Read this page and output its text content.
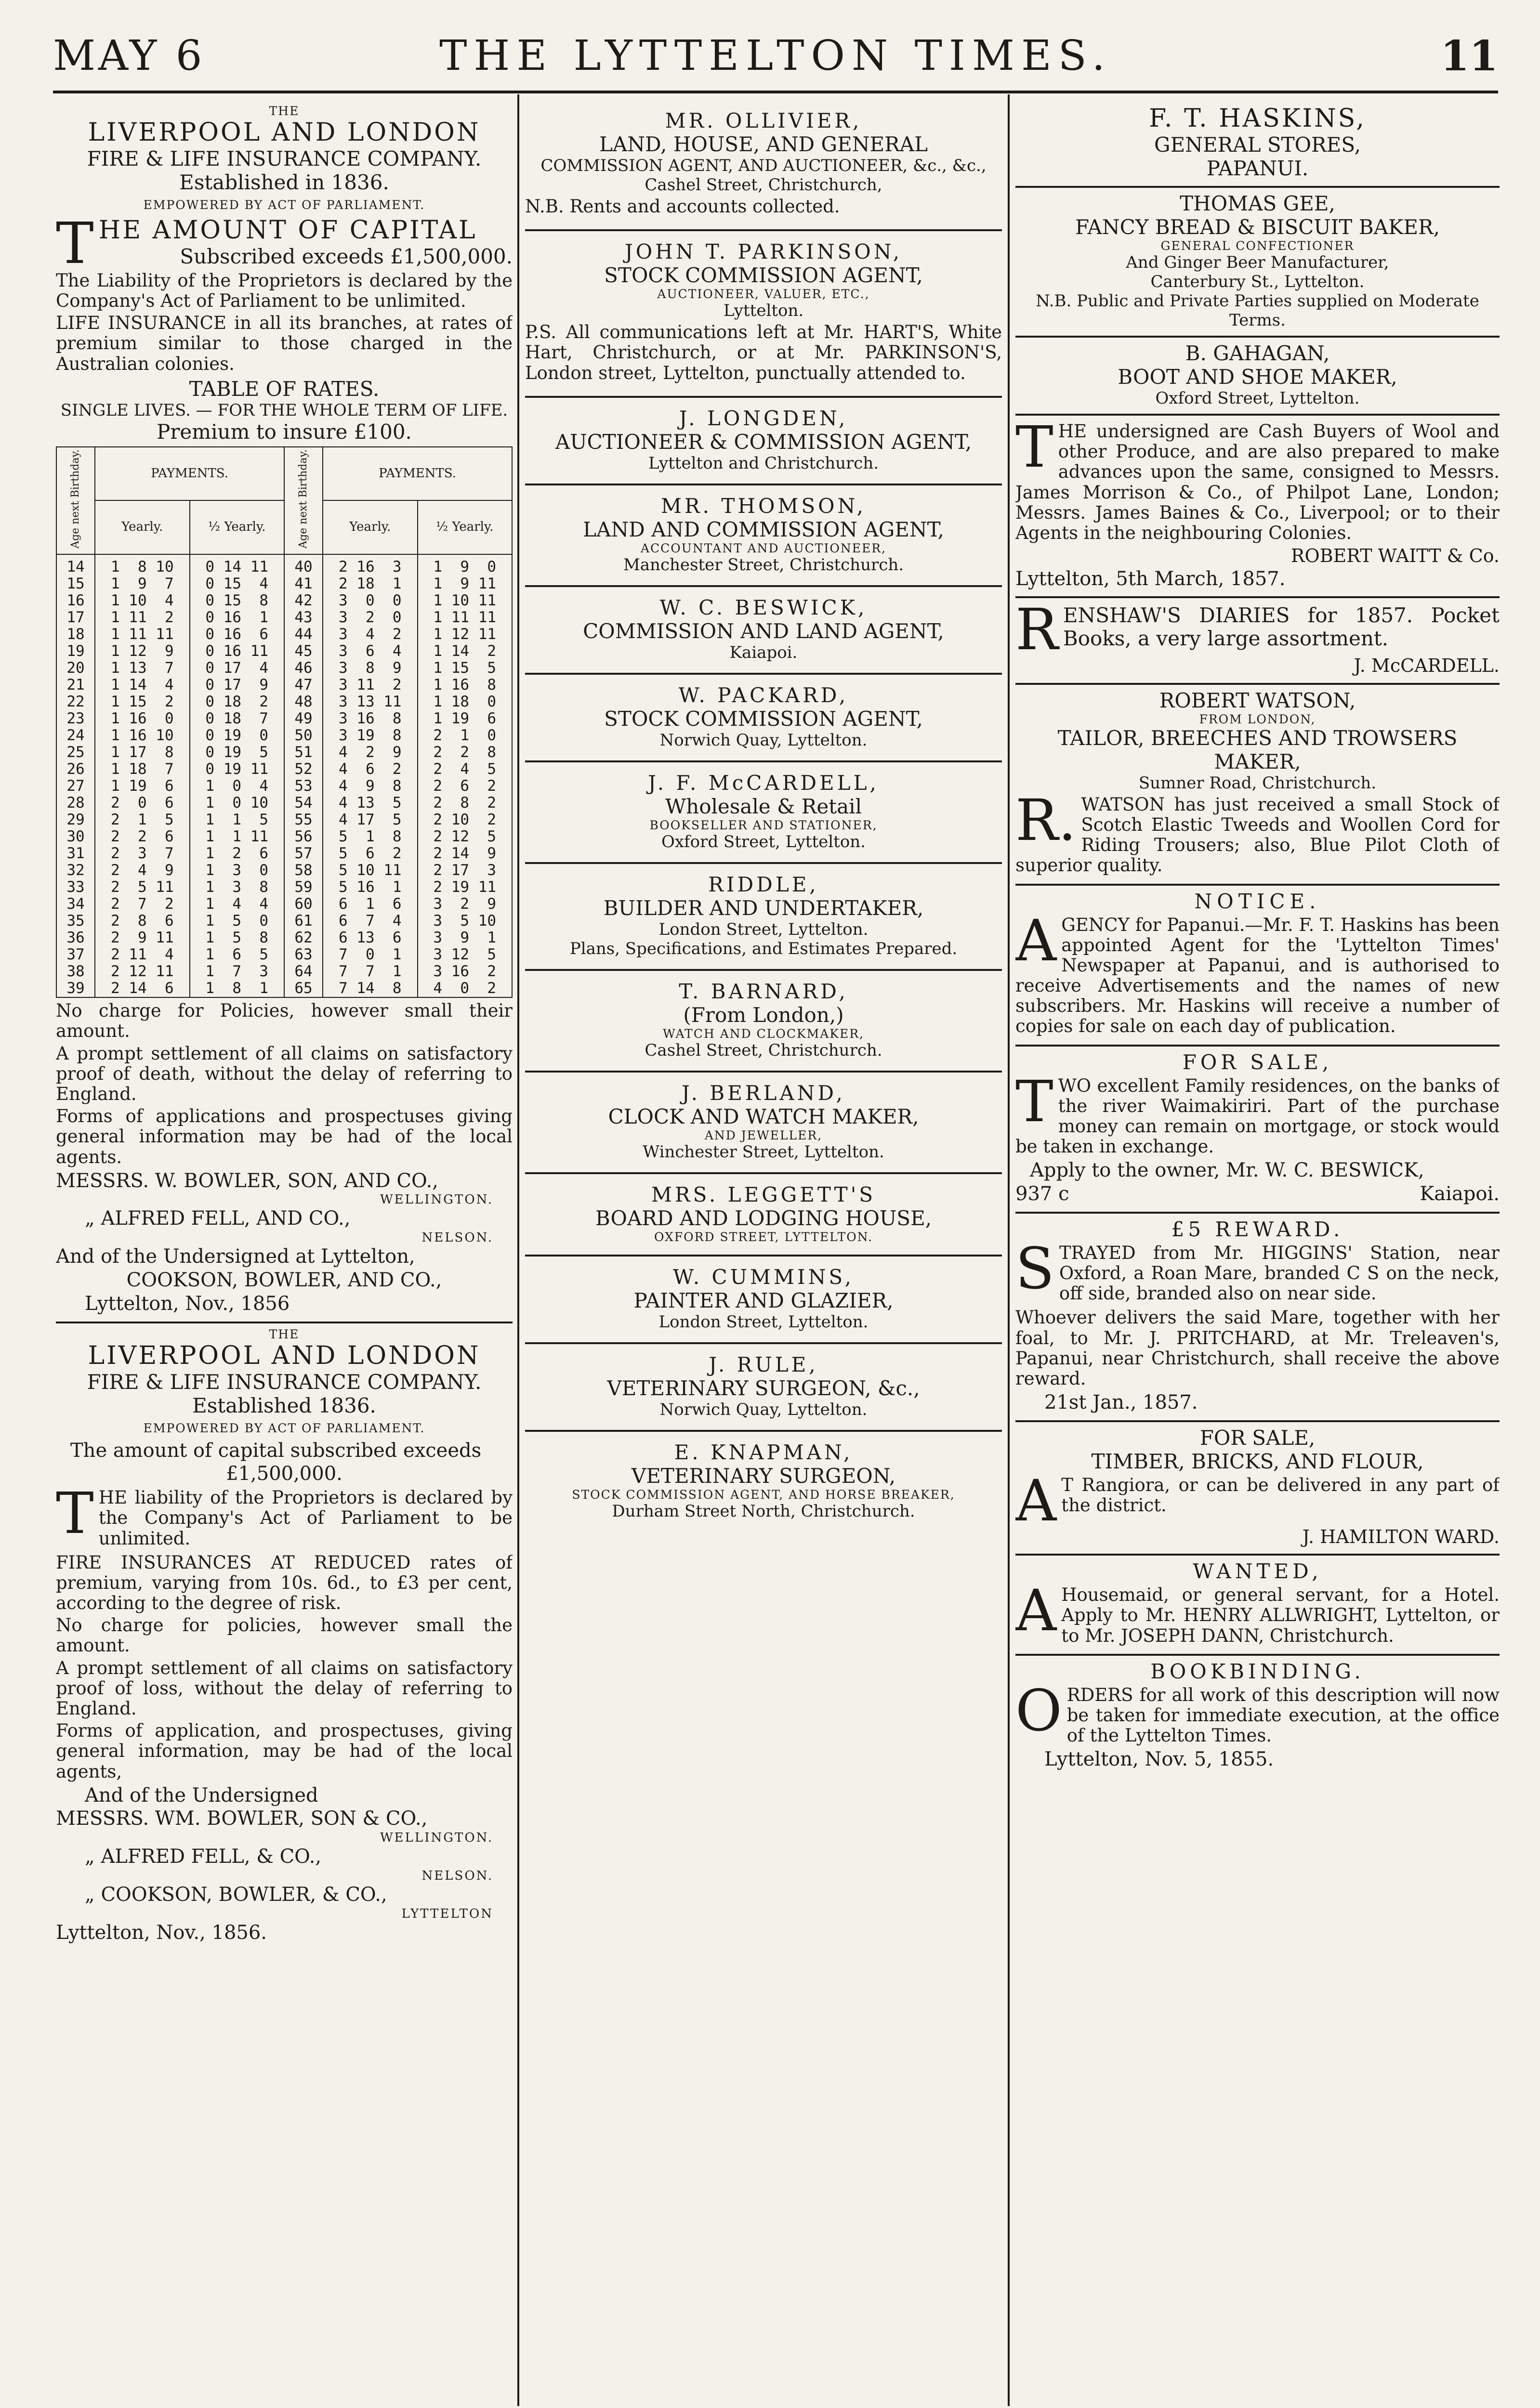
MAY 6	THE LYTTELTON TIMES.	11
THE
LIVERPOOL AND LONDON
FIRE & LIFE INSURANCE COMPANY.
Established in 1836.
EMPOWERED BY ACT OF PARLIAMENT.
T HE AMOUNT OF CAPITAL
Subscribed exceeds £1,500,000.

The Liability of the Proprietors is declared by the Company's Act of Parliament to be unlimited.

LIFE INSURANCE in all its branches, at rates of premium similar to those charged in the Australian colonies.

TABLE OF RATES.
SINGLE LIVES. — FOR THE WHOLE TERM OF LIFE.
Premium to insure £100.
Age next Birthday.	PAYMENTS.		Age next Birthday.	PAYMENTS.	
	Yearly.	½ Yearly.		Yearly.	½ Yearly.
14	1  8 10	0 14 11	40	2 16  3	1  9  0
15	1  9  7	0 15  4	41	2 18  1	1  9 11
16	1 10  4	0 15  8	42	3  0  0	1 10 11
17	1 11  2	0 16  1	43	3  2  0	1 11 11
18	1 11 11	0 16  6	44	3  4  2	1 12 11
19	1 12  9	0 16 11	45	3  6  4	1 14  2
20	1 13  7	0 17  4	46	3  8  9	1 15  5
21	1 14  4	0 17  9	47	3 11  2	1 16  8
22	1 15  2	0 18  2	48	3 13 11	1 18  0
23	1 16  0	0 18  7	49	3 16  8	1 19  6
24	1 16 10	0 19  0	50	3 19  8	2  1  0
25	1 17  8	0 19  5	51	4  2  9	2  2  8
26	1 18  7	0 19 11	52	4  6  2	2  4  5
27	1 19  6	1  0  4	53	4  9  8	2  6  2
28	2  0  6	1  0 10	54	4 13  5	2  8  2
29	2  1  5	1  1  5	55	4 17  5	2 10  2
30	2  2  6	1  1 11	56	5  1  8	2 12  5
31	2  3  7	1  2  6	57	5  6  2	2 14  9
32	2  4  9	1  3  0	58	5 10 11	2 17  3
33	2  5 11	1  3  8	59	5 16  1	2 19 11
34	2  7  2	1  4  4	60	6  1  6	3  2  9
35	2  8  6	1  5  0	61	6  7  4	3  5 10
36	2  9 11	1  5  8	62	6 13  6	3  9  1
37	2 11  4	1  6  5	63	7  0  1	3 12  5
38	2 12 11	1  7  3	64	7  7  1	3 16  2
39	2 14  6	1  8  1	65	7 14  8	4  0  2

No charge for Policies, however small their amount.

A prompt settlement of all claims on satisfactory proof of death, without the delay of referring to England.

Forms of applications and prospectuses giving general information may be had of the local agents.

MESSRS. W. BOWLER, SON, AND CO.,
WELLINGTON.
„ ALFRED FELL, AND CO.,
NELSON.
And of the Undersigned at Lyttelton,
COOKSON, BOWLER, AND CO.,
Lyttelton, Nov., 1856
THE
LIVERPOOL AND LONDON
FIRE & LIFE INSURANCE COMPANY.
Established 1836.
EMPOWERED BY ACT OF PARLIAMENT.
The amount of capital subscribed exceeds
£1,500,000.
T HE liability of the Proprietors is declared by the Company's Act of Parliament to be unlimited.

FIRE INSURANCES AT REDUCED rates of premium, varying from 10s. 6d., to £3 per cent, according to the degree of risk.

No charge for policies, however small the amount.

A prompt settlement of all claims on satisfactory proof of loss, without the delay of referring to England.

Forms of application, and prospectuses, giving general information, may be had of the local agents,

And of the Undersigned
MESSRS. WM. BOWLER, SON & CO.,
WELLINGTON.
„ ALFRED FELL, & CO.,
NELSON.
„ COOKSON, BOWLER, & CO.,
LYTTELTON
Lyttelton, Nov., 1856.
MR. OLLIVIER,
LAND, HOUSE, AND GENERAL
COMMISSION AGENT, AND AUCTIONEER, &c., &c.,
Cashel Street, Christchurch,

N.B. Rents and accounts collected.

JOHN T. PARKINSON,
STOCK COMMISSION AGENT,
AUCTIONEER, VALUER, ETC.,
Lyttelton.

P.S. All communications left at Mr. HART'S, White Hart, Christchurch, or at Mr. PARKINSON'S, London street, Lyttelton, punctually attended to.

J. LONGDEN,
AUCTIONEER & COMMISSION AGENT,
Lyttelton and Christchurch.
MR. THOMSON,
LAND AND COMMISSION AGENT,
ACCOUNTANT AND AUCTIONEER,
Manchester Street, Christchurch.
W. C. BESWICK,
COMMISSION AND LAND AGENT,
Kaiapoi.
W. PACKARD,
STOCK COMMISSION AGENT,
Norwich Quay, Lyttelton.
J. F. McCARDELL,
Wholesale & Retail
BOOKSELLER AND STATIONER,
Oxford Street, Lyttelton.
RIDDLE,
BUILDER AND UNDERTAKER,
London Street, Lyttelton.
Plans, Specifications, and Estimates Prepared.
T. BARNARD,
(From London,)
WATCH AND CLOCKMAKER,
Cashel Street, Christchurch.
J. BERLAND,
CLOCK AND WATCH MAKER,
AND JEWELLER,
Winchester Street, Lyttelton.
MRS. LEGGETT'S
BOARD AND LODGING HOUSE,
OXFORD STREET, LYTTELTON.
W. CUMMINS,
PAINTER AND GLAZIER,
London Street, Lyttelton.
J. RULE,
VETERINARY SURGEON, &c.,
Norwich Quay, Lyttelton.
E. KNAPMAN,
VETERINARY SURGEON,
STOCK COMMISSION AGENT, AND HORSE BREAKER,
Durham Street North, Christchurch.
F. T. HASKINS,
GENERAL STORES,
PAPANUI.
THOMAS GEE,
FANCY BREAD & BISCUIT BAKER,
GENERAL CONFECTIONER
And Ginger Beer Manufacturer,
Canterbury St., Lyttelton.
N.B. Public and Private Parties supplied on Moderate Terms.
B. GAHAGAN,
BOOT AND SHOE MAKER,
Oxford Street, Lyttelton.
T HE undersigned are Cash Buyers of Wool and other Produce, and are also prepared to make advances upon the same, consigned to Messrs. James Morrison & Co., of Philpot Lane, London; Messrs. James Baines & Co., Liverpool; or to their Agents in the neighbouring Colonies.

ROBERT WAITT & Co.
Lyttelton, 5th March, 1857.
R ENSHAW'S DIARIES for 1857. Pocket Books, a very large assortment.

J. McCARDELL.
ROBERT WATSON,
FROM LONDON,
TAILOR, BREECHES AND TROWSERS MAKER,
Sumner Road, Christchurch.
R. WATSON has just received a small Stock of Scotch Elastic Tweeds and Woollen Cord for Riding Trousers; also, Blue Pilot Cloth of superior quality.

NOTICE.
A GENCY for Papanui.—Mr. F. T. Haskins has been appointed Agent for the 'Lyttelton Times' Newspaper at Papanui, and is authorised to receive Advertisements and the names of new subscribers. Mr. Haskins will receive a number of copies for sale on each day of publication.

FOR SALE,
T WO excellent Family residences, on the banks of the river Waimakiriri. Part of the purchase money can remain on mortgage, or stock would be taken in exchange.

Apply to the owner, Mr. W. C. BESWICK,
937 c	Kaiapoi.
£5 REWARD.
S TRAYED from Mr. HIGGINS' Station, near Oxford, a Roan Mare, branded C S on the neck, off side, branded also on near side.

Whoever delivers the said Mare, together with her foal, to Mr. J. PRITCHARD, at Mr. Treleaven's, Papanui, near Christchurch, shall receive the above reward.

21st Jan., 1857.
FOR SALE,
TIMBER, BRICKS, AND FLOUR,
A T Rangiora, or can be delivered in any part of the district.

J. HAMILTON WARD.
WANTED,
A Housemaid, or general servant, for a Hotel. Apply to Mr. HENRY ALLWRIGHT, Lyttelton, or to Mr. JOSEPH DANN, Christchurch.

BOOKBINDING.
O RDERS for all work of this description will now be taken for immediate execution, at the office of the Lyttelton Times.

Lyttelton, Nov. 5, 1855.
